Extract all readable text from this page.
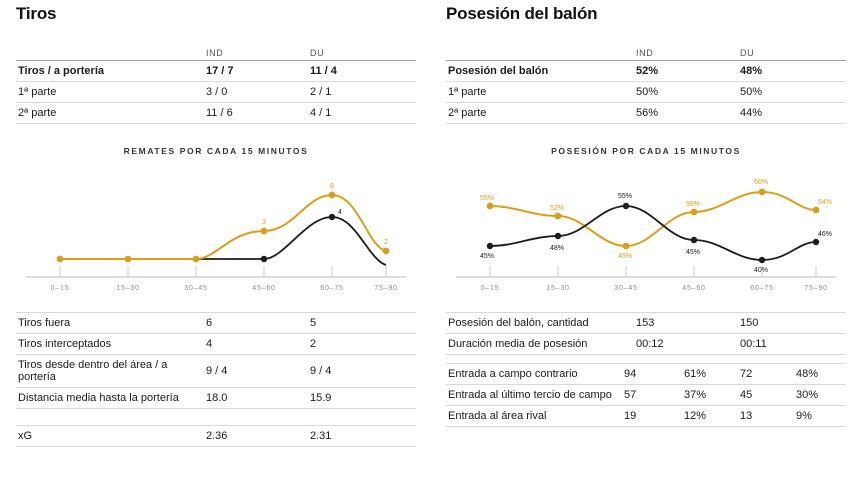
Tiros
	IND	DU
Tiros / a portería	17 / 7	11 / 4
1ª parte	3 / 0	2 / 1
2ª parte	11 / 6	4 / 1
REMATES POR CADA 15 MINUTOS
3
6
2
4
0–15	15–30	30–45	45–60	60–75	75–90
Tiros fuera	6	5
Tiros interceptados	4	2
Tiros desde dentro del área / a portería	9 / 4	9 / 4
Distancia media hasta la portería	18.0	15.9

xG	2.36	2.31
Posesión del balón
	IND	DU
Posesión del balón	52%	48%
1ª parte	50%	50%
2ª parte	56%	44%
POSESIÓN POR CADA 15 MINUTOS
55%
52%
45%
55%
60%
54%
45%
48%
55%
45%
40%
46%
0–15	15–30	30–45	45–60	60–75	75–90
Posesión del balón, cantidad	153	150
Duración media de posesión	00:12	00:11
Entrada a campo contrario	94	61%	72	48%
Entrada al último tercio de campo	57	37%	45	30%
Entrada al área rival	19	12%	13	9%
